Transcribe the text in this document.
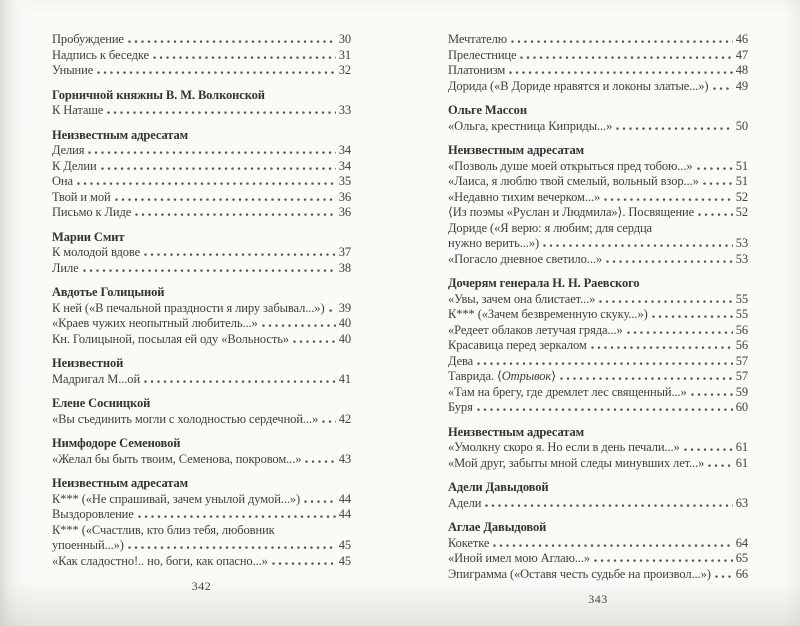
Пробуждение	30
Надпись к беседке	31
Уныние	32
Горничной княжны В. М. Волконской
К Наташе	33
Неизвестным адресатам
Делия	34
К Делии	34
Она	35
Твой и мой	36
Письмо к Лиде	36
Марии Смит
К молодой вдове	37
Лиле	38
Авдотье Голицыной
К ней («В печальной праздности я лиру забывал...») 39
«Краев чужих неопытный любитель...»	40
Кн. Голицыной, посылая ей оду «Вольность»	40
Неизвестной
Мадригал М...ой	41
Елене Сосницкой
«Вы съединить могли с холодностью сердечной...» 42
Нимфодоре Семеновой
«Желал бы быть твоим, Семенова, покровом...»	43
Неизвестным адресатам
К*** («Не спрашивай, зачем унылой думой...»)	44
Выздоровление	44
К*** («Счастлив, кто близ тебя, любовник
упоенный...»)	45
«Как сладостно!.. но, боги, как опасно...»	45
342
Мечтателю	46
Прелестнице	47
Платонизм	48
Дорида («В Дориде нравятся и локоны златые...») 49
Ольге Массон
«Ольга, крестница Киприды...»	50
Неизвестным адресатам
«Позволь душе моей открыться пред тобою...»	51
«Лаиса, я люблю твой смелый, вольный взор...»	51
«Недавно тихим вечерком...»	52
⟨Из поэмы «Руслан и Людмила»⟩. Посвящение	52
Дориде («Я верю: я любим; для сердца
нужно верить...»)	53
«Погасло дневное светило...»	53
Дочерям генерала Н. Н. Раевского
«Увы, зачем она блистает...»	55
К*** («Зачем безвременную скуку...»)	55
«Редеет облаков летучая гряда...»	56
Красавица перед зеркалом	56
Дева	57
Таврида. ⟨ Отрывок ⟩	57
«Там на брегу, где дремлет лес священный...»	59
Буря	60
Неизвестным адресатам
«Умолкну скоро я. Но если в день печали...»	61
«Мой друг, забыты мной следы минувших лет...»	61
Адели Давыдовой
Адели	63
Аглае Давыдовой
Кокетке	64
«Иной имел мою Аглаю...»	65
Эпиграмма («Оставя честь судьбе на произвол...») 66
343
